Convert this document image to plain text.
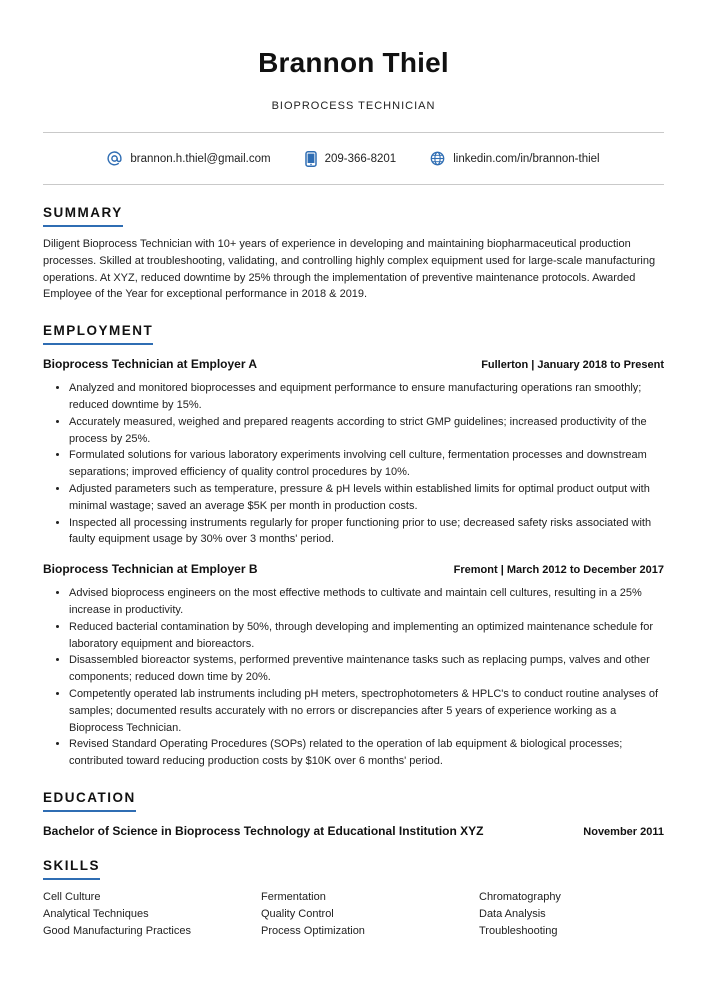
Brannon Thiel
BIOPROCESS TECHNICIAN
brannon.h.thiel@gmail.com	209-366-8201	linkedin.com/in/brannon-thiel
SUMMARY
Diligent Bioprocess Technician with 10+ years of experience in developing and maintaining biopharmaceutical production processes. Skilled at troubleshooting, validating, and controlling highly complex equipment used for large-scale manufacturing operations. At XYZ, reduced downtime by 25% through the implementation of preventive maintenance protocols. Awarded Employee of the Year for exceptional performance in 2018 & 2019.
EMPLOYMENT
Bioprocess Technician at Employer A	Fullerton | January 2018 to Present
• Analyzed and monitored bioprocesses and equipment performance to ensure manufacturing operations ran smoothly; reduced downtime by 15%.
• Accurately measured, weighed and prepared reagents according to strict GMP guidelines; increased productivity of the process by 25%.
• Formulated solutions for various laboratory experiments involving cell culture, fermentation processes and downstream separations; improved efficiency of quality control procedures by 10%.
• Adjusted parameters such as temperature, pressure & pH levels within established limits for optimal product output with minimal wastage; saved an average $5K per month in production costs.
• Inspected all processing instruments regularly for proper functioning prior to use; decreased safety risks associated with faulty equipment usage by 30% over 3 months' period.
Bioprocess Technician at Employer B	Fremont | March 2012 to December 2017
• Advised bioprocess engineers on the most effective methods to cultivate and maintain cell cultures, resulting in a 25% increase in productivity.
• Reduced bacterial contamination by 50%, through developing and implementing an optimized maintenance schedule for laboratory equipment and bioreactors.
• Disassembled bioreactor systems, performed preventive maintenance tasks such as replacing pumps, valves and other components; reduced down time by 20%.
• Competently operated lab instruments including pH meters, spectrophotometers & HPLC's to conduct routine analyses of samples; documented results accurately with no errors or discrepancies after 5 years of experience working as a Bioprocess Technician.
• Revised Standard Operating Procedures (SOPs) related to the operation of lab equipment & biological processes; contributed toward reducing production costs by $10K over 6 months' period.
EDUCATION
Bachelor of Science in Bioprocess Technology at Educational Institution XYZ	November 2011
SKILLS
Cell Culture	Fermentation	Chromatography
Analytical Techniques	Quality Control	Data Analysis
Good Manufacturing Practices	Process Optimization	Troubleshooting
